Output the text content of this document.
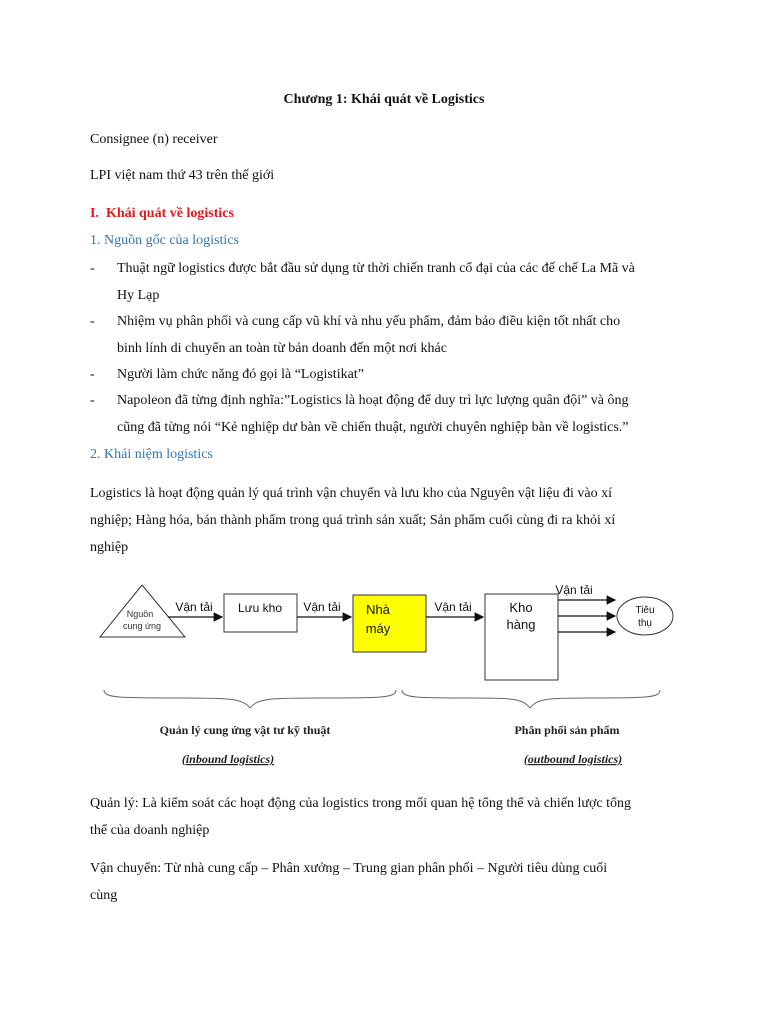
Chương 1: Khái quát về Logistics

Consignee (n) receiver

LPI việt nam thứ 43 trên thế giới

I. Khái quát về logistics

1. Nguồn gốc của logistics

- Thuật ngữ logistics được bắt đầu sử dụng từ thời chiến tranh cổ đại của các đế chế La Mã và
Hy Lạp
- Nhiệm vụ phân phối và cung cấp vũ khí và nhu yếu phẩm, đảm bảo điều kiện tốt nhất cho
binh lính di chuyển an toàn từ bản doanh đến một nơi khác
- Người làm chức năng đó gọi là “Logistikat”
- Napoleon đã từng định nghĩa:”Logistics là hoạt động để duy trì lực lượng quân đội” và ông
cũng đã từng nói “Kẻ nghiệp dư bàn về chiến thuật, người chuyên nghiệp bàn về logistics.”

2. Khái niệm logistics

Logistics là hoạt động quản lý quá trình vận chuyển và lưu kho của Nguyên vật liệu đi vào xí
nghiệp; Hàng hóa, bán thành phẩm trong quá trình sản xuất; Sản phẩm cuối cùng đi ra khỏi xí
nghiệp

Nguồn
cung ứng
Vận tải Lưu kho Vận tải Nhà
máy
Vận tải	Kho
hàng
Vận tải
Tiêu
thụ
Quản lý cung ứng vật tư kỹ thuật
(inbound logistics)
Phân phối sản phẩm
(outbound logistics)

Quản lý: Là kiểm soát các hoạt động của logistics trong mối quan hệ tổng thể và chiến lược tổng
thể của doanh nghiệp

Vận chuyển: Từ nhà cung cấp – Phân xưởng – Trung gian phân phối – Người tiêu dùng cuối
cùng
